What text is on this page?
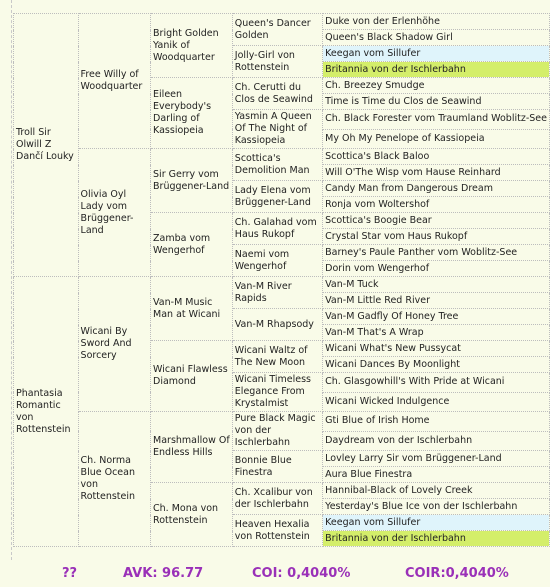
Troll Sir Olwill Z Dančí Louky	Free Willy of Woodquarter	Bright Golden Yanik of Woodquarter	Queen's Dancer Golden	Duke von der Erlenhöhe
				Queen's Black Shadow Girl
			Jolly-Girl von Rottenstein	Keegan vom Sillufer
				Britannia von der Ischlerbahn
		Eileen Everybody's Darling of Kassiopeia	Ch. Cerutti du Clos de Seawind	Ch. Breezey Smudge
				Time is Time du Clos de Seawind
			Yasmin A Queen Of The Night of Kassiopeia	Ch. Black Forester vom Traumland Woblitz-See
				My Oh My Penelope of Kassiopeia
	Olivia Oyl Lady vom Brüggener-Land	Sir Gerry vom Brüggener-Land	Scottica's Demolition Man	Scottica's Black Baloo
				Will O'The Wisp vom Hause Reinhard
			Lady Elena vom Brüggener-Land	Candy Man from Dangerous Dream
				Ronja vom Woltershof
		Zamba vom Wengerhof	Ch. Galahad vom Haus Rukopf	Scottica's Boogie Bear
				Crystal Star vom Haus Rukopf
			Naemi vom Wengerhof	Barney's Paule Panther vom Woblitz-See
				Dorin vom Wengerhof
Phantasia Romantic von Rottenstein	Wicani By Sword And Sorcery	Van-M Music Man at Wicani	Van-M River Rapids	Van-M Tuck
				Van-M Little Red River
			Van-M Rhapsody	Van-M Gadfly Of Honey Tree
				Van-M That's A Wrap
		Wicani Flawless Diamond	Wicani Waltz of The New Moon	Wicani What's New Pussycat
				Wicani Dances By Moonlight
			Wicani Timeless Elegance From Krystalmist	Ch. Glasgowhill's With Pride at Wicani
				Wicani Wicked Indulgence
	Ch. Norma Blue Ocean von Rottenstein	Marshmallow Of Endless Hills	Pure Black Magic von der Ischlerbahn	Gti Blue of Irish Home
				Daydream von der Ischlerbahn
			Bonnie Blue Finestra	Lovley Larry Sir vom Brüggener-Land
				Aura Blue Finestra
		Ch. Mona von Rottenstein	Ch. Xcalibur von der Ischlerbahn	Hannibal-Black of Lovely Creek
				Yesterday's Blue Ice von der Ischlerbahn
			Heaven Hexalia von Rottenstein	Keegan vom Sillufer
				Britannia von der Ischlerbahn
??	AVK: 96.77	COI: 0,4040%	COIR:0,4040%
